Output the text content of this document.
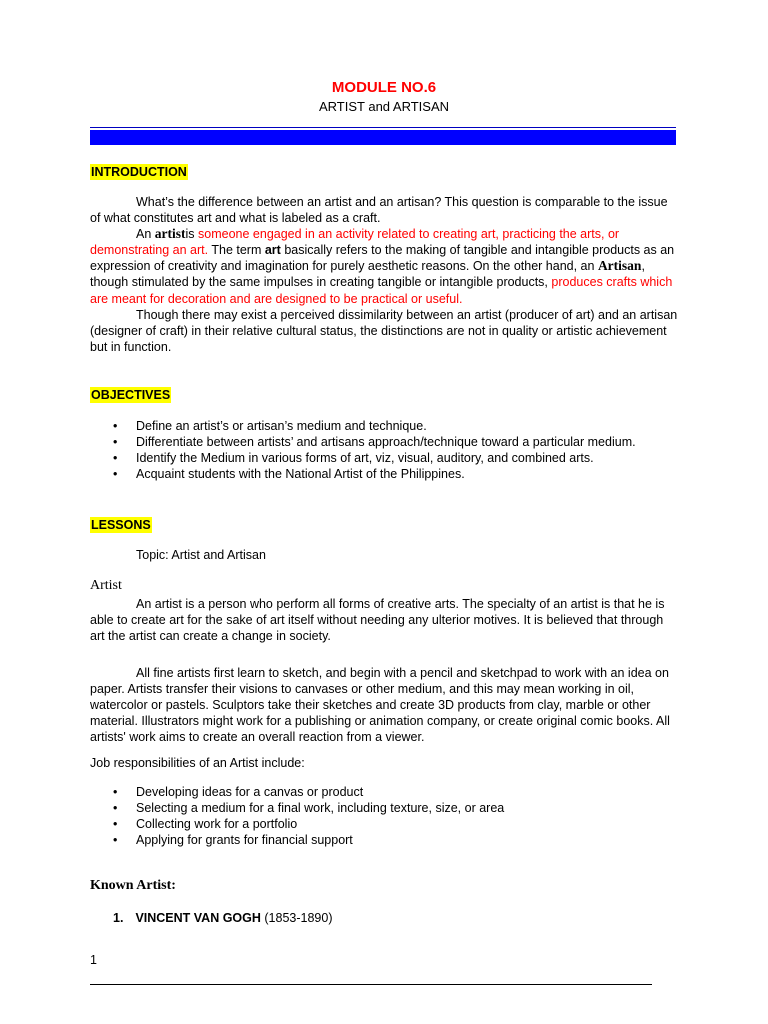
MODULE NO.6
ARTIST and ARTISAN
INTRODUCTION

What’s the difference between an artist and an artisan? This question is comparable to the issue of what constitutes art and what is labeled as a craft.

An artistis someone engaged in an activity related to creating art, practicing the arts, or demonstrating an art. The term art basically refers to the making of tangible and intangible products as an expression of creativity and imagination for purely aesthetic reasons. On the other hand, an Artisan, though stimulated by the same impulses in creating tangible or intangible products, produces crafts which are meant for decoration and are designed to be practical or useful.

Though there may exist a perceived dissimilarity between an artist (producer of art) and an artisan (designer of craft) in their relative cultural status, the distinctions are not in quality or artistic achievement but in function.

OBJECTIVES
• Define an artist’s or artisan’s medium and technique.
• Differentiate between artists’ and artisans approach/technique toward a particular medium.
• Identify the Medium in various forms of art, viz, visual, auditory, and combined arts.
• Acquaint students with the National Artist of the Philippines.
LESSONS
Topic: Artist and Artisan
Artist

An artist is a person who perform all forms of creative arts. The specialty of an artist is that he is able to create art for the sake of art itself without needing any ulterior motives. It is believed that through art the artist can create a change in society.

All fine artists first learn to sketch, and begin with a pencil and sketchpad to work with an idea on paper. Artists transfer their visions to canvases or other medium, and this may mean working in oil, watercolor or pastels. Sculptors take their sketches and create 3D products from clay, marble or other material. Illustrators might work for a publishing or animation company, or create original comic books. All artists' work aims to create an overall reaction from a viewer.

Job responsibilities of an Artist include:
• Developing ideas for a canvas or product
• Selecting a medium for a final work, including texture, size, or area
• Collecting work for a portfolio
• Applying for grants for financial support
Known Artist:
1. VINCENT VAN GOGH (1853-1890)
1
